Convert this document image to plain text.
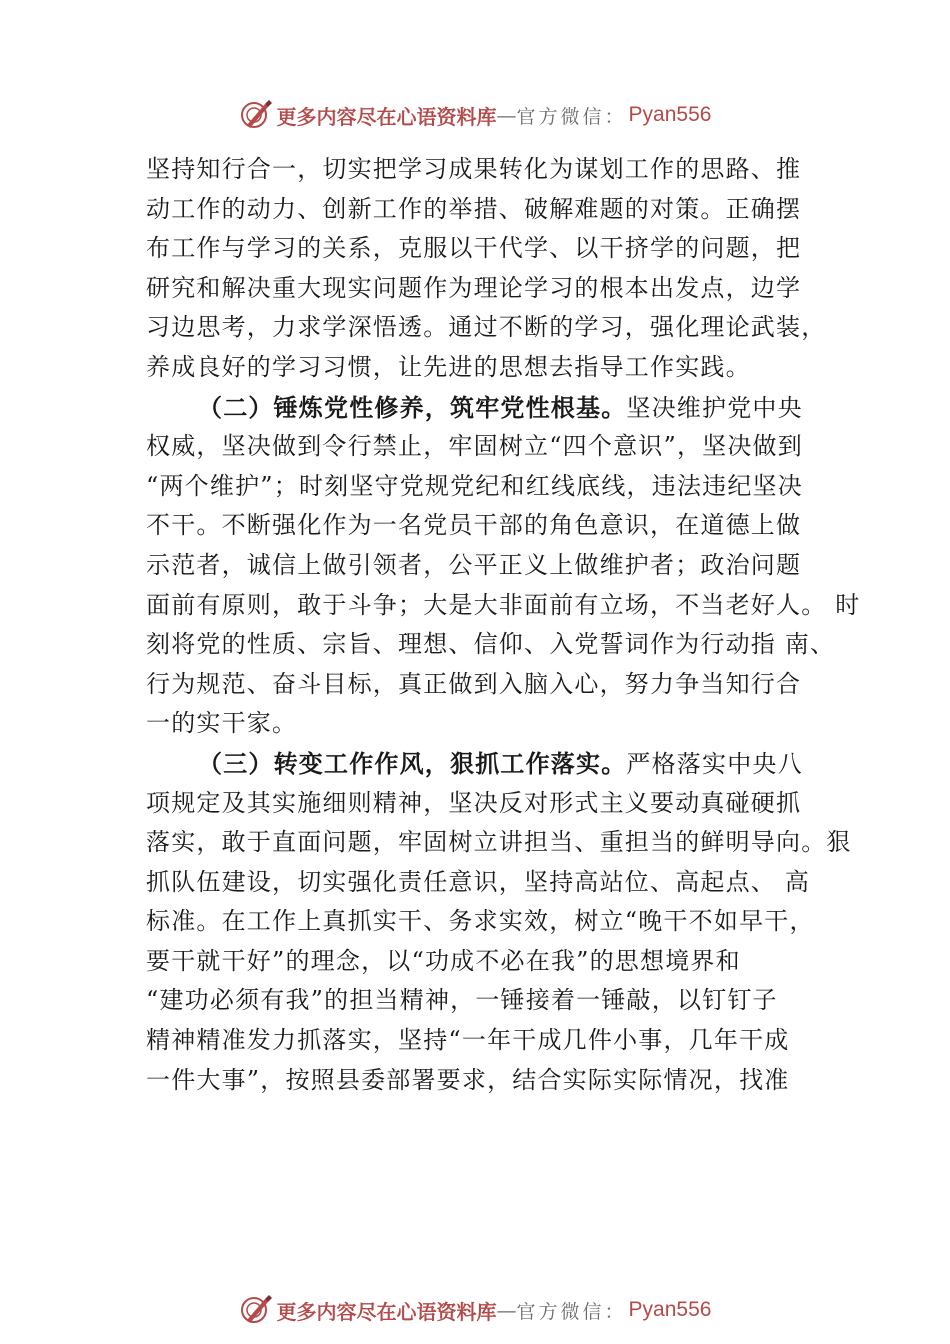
更多内容尽在心语资料库 — 官方微信： Pyan556
坚持知行合一，切实把学习成果转化为谋划工作的思路、推
动工作的动力、创新工作的举措、破解难题的对策。正确摆
布工作与学习的关系，克服以干代学、以干挤学的问题，把
研究和解决重大现实问题作为理论学习的根本出发点，边学
习边思考，力求学深悟透。通过不断的学习，强化理论武装，
养成良好的学习习惯，让先进的思想去指导工作实践。
（二）锤炼党性修养，筑牢党性根基。坚决维护党中央
权威，坚决做到令行禁止，牢固树立“四个意识”，坚决做到
“两个维护”；时刻坚守党规党纪和红线底线，违法违纪坚决
不干。不断强化作为一名党员干部的角色意识，在道德上做
示范者，诚信上做引领者，公平正义上做维护者；政治问题
面前有原则，敢于斗争；大是大非面前有立场，不当老好人。 时
刻将党的性质、宗旨、理想、信仰、入党誓词作为行动指 南、
行为规范、奋斗目标，真正做到入脑入心，努力争当知行合
一的实干家。
（三）转变工作作风，狠抓工作落实。严格落实中央八
项规定及其实施细则精神，坚决反对形式主义要动真碰硬抓
落实，敢于直面问题，牢固树立讲担当、重担当的鲜明导向。狠
抓队伍建设，切实强化责任意识，坚持高站位、高起点、 高
标准。在工作上真抓实干、务求实效，树立“晚干不如早干，
要干就干好”的理念，以“功成不必在我”的思想境界和
“建功必须有我”的担当精神，一锤接着一锤敲，以钉钉子
精神精准发力抓落实，坚持“一年干成几件小事，几年干成
一件大事”，按照县委部署要求，结合实际实际情况，找准
更多内容尽在心语资料库 — 官方微信： Pyan556
